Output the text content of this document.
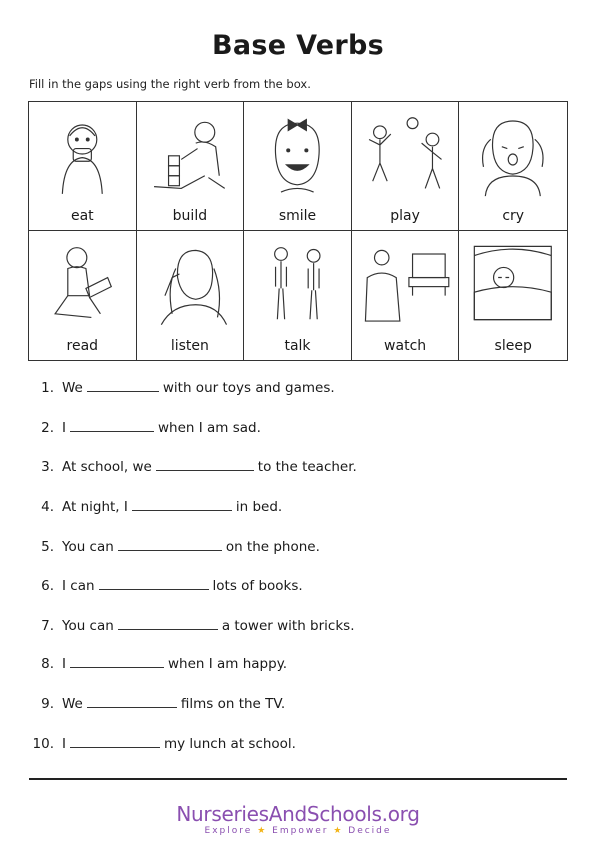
Base Verbs
Fill in the gaps using the right verb from the box.
eat	build	smile	play	cry
read	listen	talk	watch	sleep
1. We	with our toys and games.
2. I	when I am sad.
3. At school, we	to the teacher.
4. At night, I	in bed.
5. You can	on the phone.
6. I can	lots of books.
7. You can	a tower with bricks.
8. I	when I am happy.
9. We	films on the TV.
10. I	my lunch at school.
NurseriesAndSchools.org
Explore ★ Empower ★ Decide
